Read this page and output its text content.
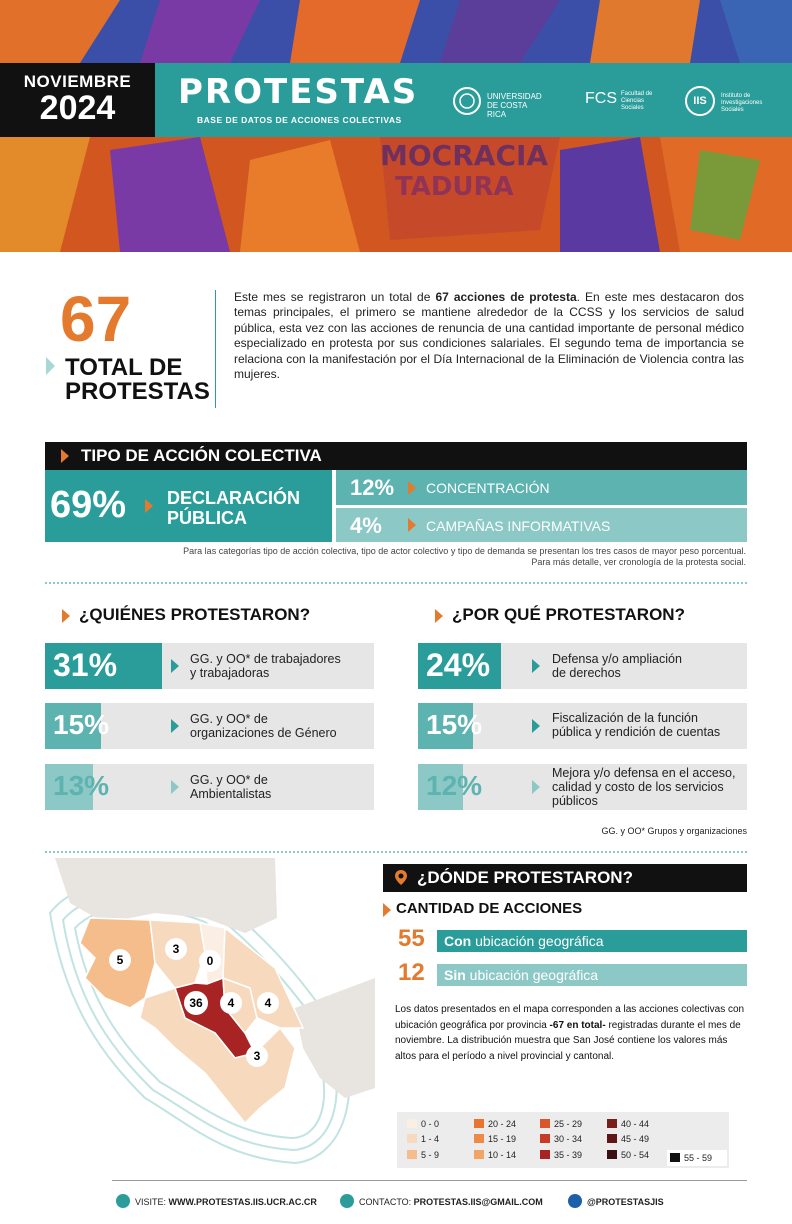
MOCRACIA
TADURA
NOVIEMBRE
2024	PROTESTAS
BASE DE DATOS DE ACCIONES COLECTIVAS
UNIVERSIDAD DE COSTA RICA
FCS Facultad de Ciencias Sociales
IIS	Instituto de Investigaciones Sociales
67
TOTAL DE
PROTESTAS
Este mes se registraron un total de 67 acciones de protesta. En este mes destacaron dos temas principales, el primero se mantiene alrededor de la CCSS y los servicios de salud pública, esta vez con las acciones de renuncia de una cantidad importante de personal médico especializado en protesta por sus condiciones salariales. El segundo tema de importancia se relaciona con la manifestación por el Día Internacional de la Eliminación de Violencia contra las mujeres.
TIPO DE ACCIÓN COLECTIVA
69% DECLARACIÓN
PÚBLICA
12% CONCENTRACIÓN
4%	CAMPAÑAS INFORMATIVAS
Para las categorías tipo de acción colectiva, tipo de actor colectivo y tipo de demanda se presentan los tres casos de mayor peso porcentual.
Para más detalle, ver cronología de la protesta social.
¿QUIÉNES PROTESTARON?
31%	GG. y OO* de trabajadores
y trabajadoras
15%	GG. y OO* de
organizaciones de Género
13%	GG. y OO* de
Ambientalistas
¿POR QUÉ PROTESTARON?
24%	Defensa y/o ampliación
de derechos
15%	Fiscalización de la función
pública y rendición de cuentas
12%	Mejora y/o defensa en el acceso,
calidad y costo de los servicios
públicos
GG. y OO* Grupos y organizaciones
5
3
0
36 4	4
3
¿DÓNDE PROTESTARON?
CANTIDAD DE ACCIONES
55	Con ubicación geográfica
12	Sin ubicación geográfica
Los datos presentados en el mapa corresponden a las acciones colectivas con ubicación geográfica por provincia -67 en total- registradas durante el mes de noviembre. La distribución muestra que San José contiene los valores más altos para el período a nivel provincial y cantonal.
0 - 0
1 - 4
5 - 9
20 - 24
15 - 19
10 - 14
25 - 29
30 - 34
35 - 39
40 - 44
45 - 49
50 - 54	55 - 59
VISITE: WWW.PROTESTAS.IIS.UCR.AC.CR	CONTACTO: PROTESTAS.IIS@GMAIL.COM	@PROTESTASJIS
